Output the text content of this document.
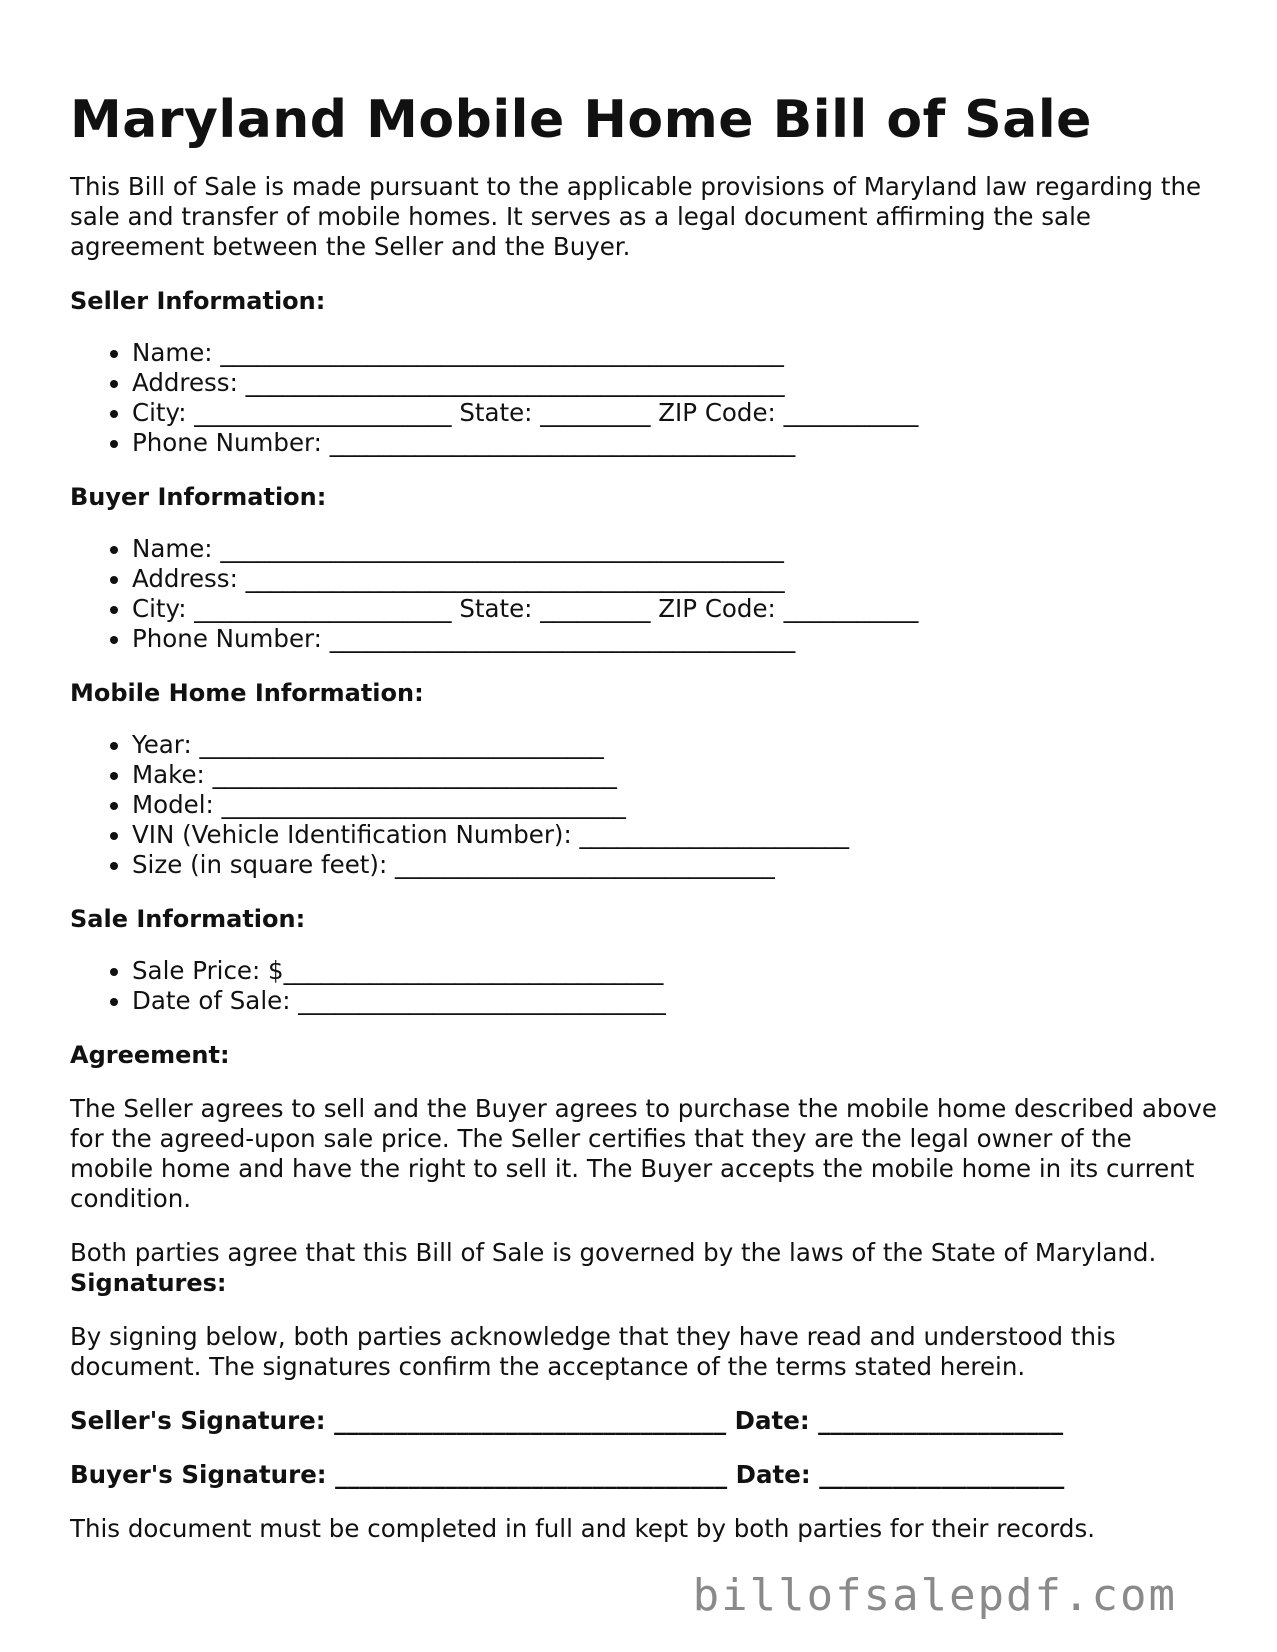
Maryland Mobile Home Bill of Sale

This Bill of Sale is made pursuant to the applicable provisions of Maryland law regarding the sale and transfer of mobile homes. It serves as a legal document affirming the sale agreement between the Seller and the Buyer.

Seller Information:
• Name: ______________________________________________
• Address: ____________________________________________
• City: _____________________ State: _________ ZIP Code: ___________
• Phone Number: ______________________________________
Buyer Information:
• Name: ______________________________________________
• Address: ____________________________________________
• City: _____________________ State: _________ ZIP Code: ___________
• Phone Number: ______________________________________
Mobile Home Information:
• Year: _________________________________
• Make: _________________________________
• Model: _________________________________
• VIN (Vehicle Identification Number): ______________________
• Size (in square feet): _______________________________
Sale Information:
• Sale Price: $_______________________________
• Date of Sale: ______________________________
Agreement:

The Seller agrees to sell and the Buyer agrees to purchase the mobile home described above for the agreed-upon sale price. The Seller certifies that they are the legal owner of the mobile home and have the right to sell it. The Buyer accepts the mobile home in its current condition.

Both parties agree that this Bill of Sale is governed by the laws of the State of Maryland.

Signatures:

By signing below, both parties acknowledge that they have read and understood this document. The signatures confirm the acceptance of the terms stated herein.

Seller's Signature: ________________________________ Date: ____________________
Buyer's Signature: ________________________________ Date: ____________________

This document must be completed in full and kept by both parties for their records.

billofsalepdf.com
